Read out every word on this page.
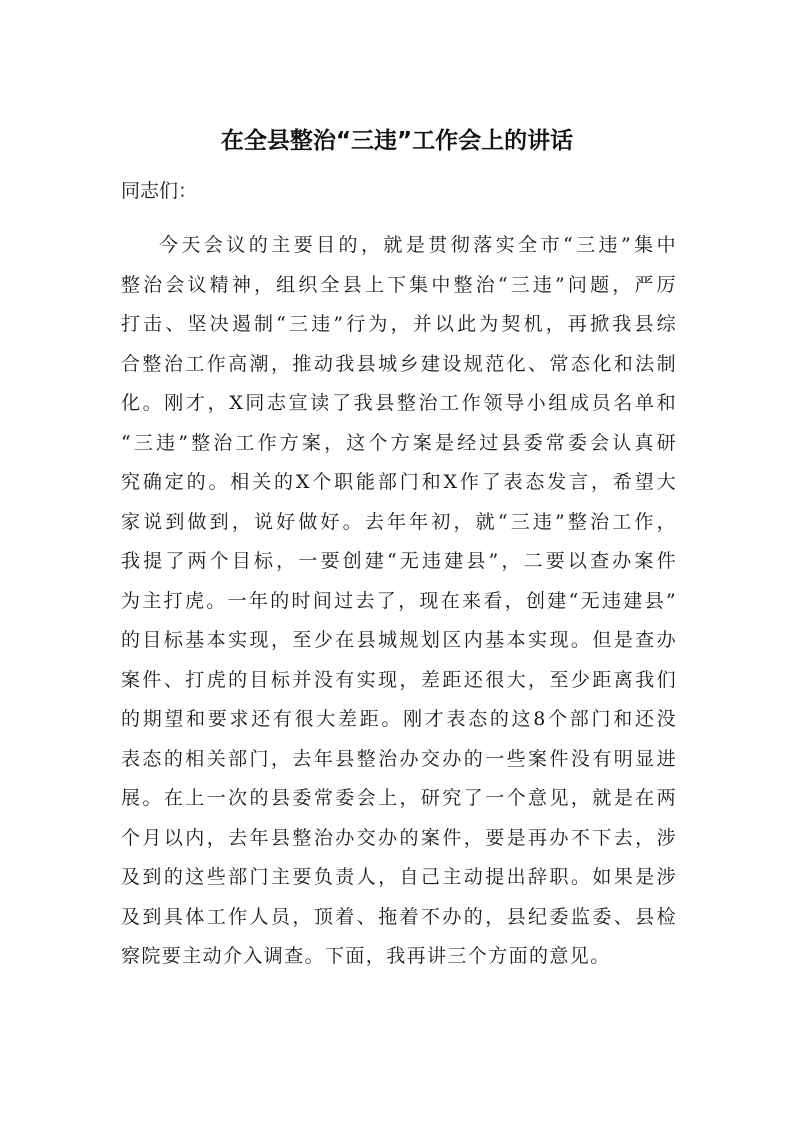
在全县整治“三违”工作会上的讲话
同志们：
今天会议的主要目的，就是贯彻落实全市“三违”集中
整治会议精神，组织全县上下集中整治“三违”问题，严厉
打击、坚决遏制“三违”行为，并以此为契机，再掀我县综
合整治工作高潮，推动我县城乡建设规范化、常态化和法制
化。刚才，X同志宣读了我县整治工作领导小组成员名单和
“三违”整治工作方案，这个方案是经过县委常委会认真研
究确定的。相关的X个职能部门和X作了表态发言，希望大
家说到做到，说好做好。去年年初，就“三违”整治工作，
我提了两个目标，一要创建“无违建县”，二要以查办案件
为主打虎。一年的时间过去了，现在来看，创建“无违建县”
的目标基本实现，至少在县城规划区内基本实现。但是查办
案件、打虎的目标并没有实现，差距还很大，至少距离我们
的期望和要求还有很大差距。刚才表态的这8个部门和还没
表态的相关部门，去年县整治办交办的一些案件没有明显进
展。在上一次的县委常委会上，研究了一个意见，就是在两
个月以内，去年县整治办交办的案件，要是再办不下去，涉
及到的这些部门主要负责人，自己主动提出辞职。如果是涉
及到具体工作人员，顶着、拖着不办的，县纪委监委、县检
察院要主动介入调查。下面，我再讲三个方面的意见。
